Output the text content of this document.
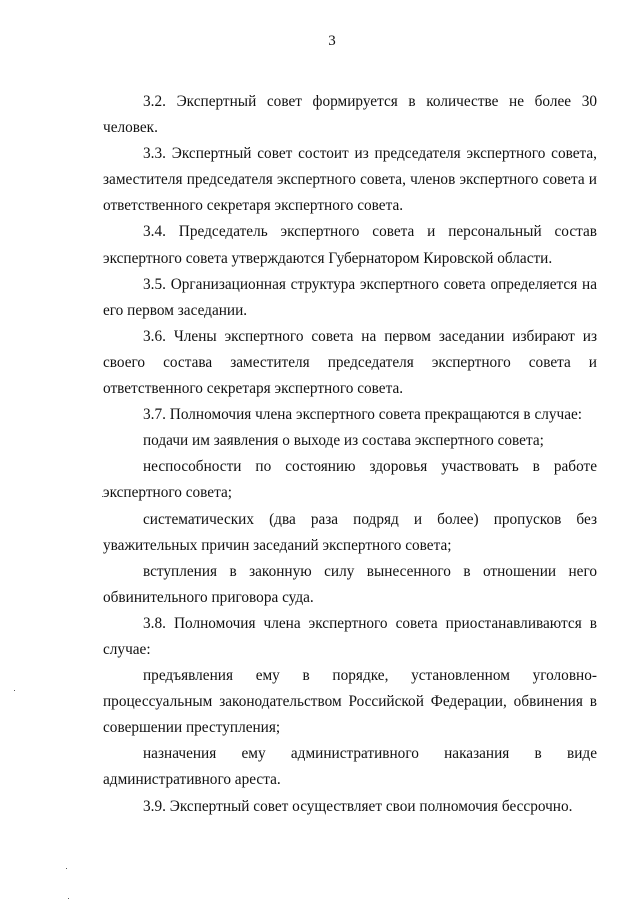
3

3.2. Экспертный совет формируется в количестве не более 30 человек.

3.3. Экспертный совет состоит из председателя экспертного совета, заместителя председателя экспертного совета, членов экспертного совета и ответственного секретаря экспертного совета.

3.4. Председатель экспертного совета и персональный состав экспертного совета утверждаются Губернатором Кировской области.

3.5. Организационная структура экспертного совета определяется на его первом заседании.

3.6. Члены экспертного совета на первом заседании избирают из своего состава заместителя председателя экспертного совета и ответственного секретаря экспертного совета.

3.7. Полномочия члена экспертного совета прекращаются в случае:

подачи им заявления о выходе из состава экспертного совета;

неспособности по состоянию здоровья участвовать в работе экспертного совета;

систематических (два раза подряд и более) пропусков без уважительных причин заседаний экспертного совета;

вступления в законную силу вынесенного в отношении него обвинительного приговора суда.

3.8. Полномочия члена экспертного совета приостанавливаются в случае:

предъявления ему в порядке, установленном уголовно-процессуальным законодательством Российской Федерации, обвинения в совершении преступления;

назначения ему административного наказания в виде административного ареста.

3.9. Экспертный совет осуществляет свои полномочия бессрочно.
